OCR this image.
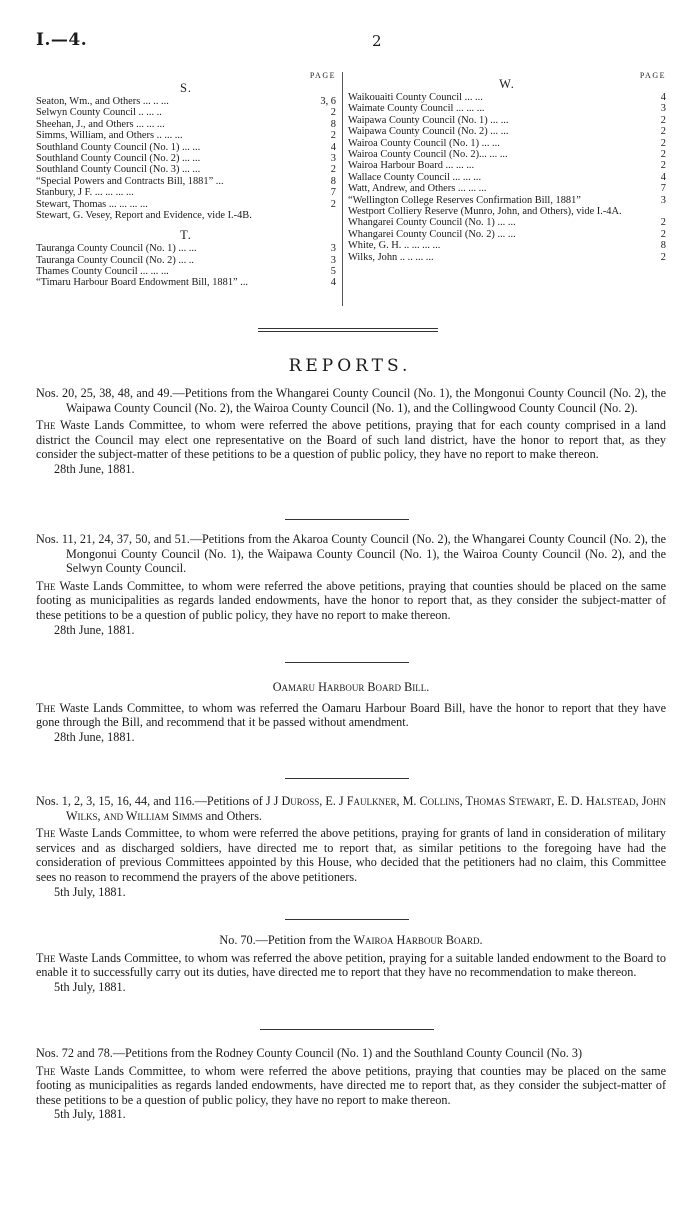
I.—4.	2
PAGE
S.
Seaton, Wm., and Others ... .. ...	3, 6
Selwyn County Council .. ... ..	2
Sheehan, J., and Others ... ... ...	8
Simms, William, and Others .. ... ...	2
Southland County Council (No. 1) ... ...	4
Southland County Council (No. 2) ... ...	3
Southland County Council (No. 3) ... ...	2
“Special Powers and Contracts Bill, 1881” ...	8
Stanbury, J F. ... ... ... ...	7
Stewart, Thomas ... ... ... ...	2
Stewart, G. Vesey, Report and Evidence, vide I.-4B.
T.
Tauranga County Council (No. 1) ... ...	3
Tauranga County Council (No. 2) ... ..	3
Thames County Council ... ... ...	5
“Timaru Harbour Board Endowment Bill, 1881” ...	4
PAGE
W.
Waikouaiti County Council ... ...	4
Waimate County Council ... ... ...	3
Waipawa County Council (No. 1) ... ...	2
Waipawa County Council (No. 2) ... ...	2
Wairoa County Council (No. 1) ... ...	2
Wairoa County Council (No. 2)... ... ...	2
Wairoa Harbour Board ... ... ...	2
Wallace County Council ... ... ...	4
Watt, Andrew, and Others ... ... ...	7
“Wellington College Reserves Confirmation Bill, 1881”	3
Westport Colliery Reserve (Munro, John, and Others), vide I.-4A.
Whangarei County Council (No. 1) ... ...	2
Whangarei County Council (No. 2) ... ...	2
White, G. H. .. ... ... ...	8
Wilks, John .. .. ... ...	2
REPORTS.

Nos. 20, 25, 38, 48, and 49.—Petitions from the Whangarei County Council (No. 1), the Mongonui County Council (No. 2), the Waipawa County Council (No. 2), the Wairoa County Council (No. 1), and the Collingwood County Council (No. 2).

The Waste Lands Committee, to whom were referred the above petitions, praying that for each county comprised in a land district the Council may elect one representative on the Board of such land district, have the honor to report that, as they consider the subject-matter of these petitions to be a question of public policy, they have no report to make thereon.

28th June, 1881.

Nos. 11, 21, 24, 37, 50, and 51.—Petitions from the Akaroa County Council (No. 2), the Whangarei County Council (No. 2), the Mongonui County Council (No. 1), the Waipawa County Council (No. 1), the Wairoa County Council (No. 2), and the Selwyn County Council.

The Waste Lands Committee, to whom were referred the above petitions, praying that counties should be placed on the same footing as municipalities as regards landed endowments, have the honor to report that, as they consider the subject-matter of these petitions to be a question of public policy, they have no report to make thereon.

28th June, 1881.

Oamaru Harbour Board Bill.

The Waste Lands Committee, to whom was referred the Oamaru Harbour Board Bill, have the honor to report that they have gone through the Bill, and recommend that it be passed without amendment.

28th June, 1881.

Nos. 1, 2, 3, 15, 16, 44, and 116.—Petitions of J J Duross, E. J Faulkner, M. Collins, Thomas Stewart, E. D. Halstead, John Wilks, and William Simms and Others.

The Waste Lands Committee, to whom were referred the above petitions, praying for grants of land in consideration of military services and as discharged soldiers, have directed me to report that, as similar petitions to the foregoing have had the consideration of previous Committees appointed by this House, who decided that the petitioners had no claim, this Committee sees no reason to recommend the prayers of the above petitioners.

5th July, 1881.

No. 70.—Petition from the Wairoa Harbour Board.

The Waste Lands Committee, to whom was referred the above petition, praying for a suitable landed endowment to the Board to enable it to successfully carry out its duties, have directed me to report that they have no recommendation to make thereon.

5th July, 1881.

Nos. 72 and 78.—Petitions from the Rodney County Council (No. 1) and the Southland County Council (No. 3)

The Waste Lands Committee, to whom were referred the above petitions, praying that counties may be placed on the same footing as municipalities as regards landed endowments, have directed me to report that, as they consider the subject-matter of these petitions to be a question of public policy, they have no report to make thereon.

5th July, 1881.
